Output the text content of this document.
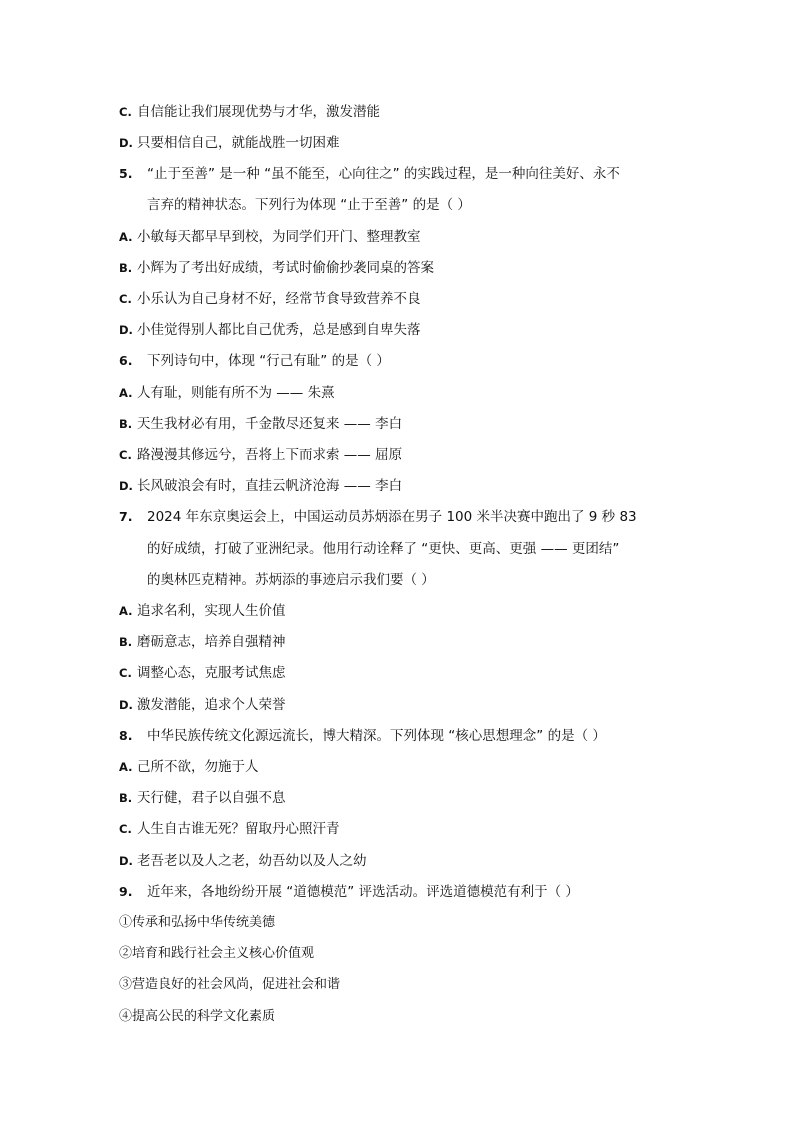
C. 自信能让我们展现优势与才华，激发潜能
D. 只要相信自己，就能战胜一切困难
5. “止于至善” 是一种 “虽不能至，心向往之” 的实践过程，是一种向往美好、永不
言弃的精神状态。下列行为体现 “止于至善” 的是（ ）
A. 小敏每天都早早到校，为同学们开门、整理教室
B. 小辉为了考出好成绩，考试时偷偷抄袭同桌的答案
C. 小乐认为自己身材不好，经常节食导致营养不良
D. 小佳觉得别人都比自己优秀，总是感到自卑失落
6. 下列诗句中，体现 “行己有耻” 的是（ ）
A. 人有耻，则能有所不为 —— 朱熹
B. 天生我材必有用，千金散尽还复来 —— 李白
C. 路漫漫其修远兮，吾将上下而求索 —— 屈原
D. 长风破浪会有时，直挂云帆济沧海 —— 李白
7. 2024 年东京奥运会上，中国运动员苏炳添在男子 100 米半决赛中跑出了 9 秒 83
的好成绩，打破了亚洲纪录。他用行动诠释了 “更快、更高、更强 —— 更团结”
的奥林匹克精神。苏炳添的事迹启示我们要（ ）
A. 追求名利，实现人生价值
B. 磨砺意志，培养自强精神
C. 调整心态，克服考试焦虑
D. 激发潜能，追求个人荣誉
8. 中华民族传统文化源远流长，博大精深。下列体现 “核心思想理念” 的是（ ）
A. 己所不欲，勿施于人
B. 天行健，君子以自强不息
C. 人生自古谁无死？留取丹心照汗青
D. 老吾老以及人之老，幼吾幼以及人之幼
9. 近年来，各地纷纷开展 “道德模范” 评选活动。评选道德模范有利于（ ）
①传承和弘扬中华传统美德
②培育和践行社会主义核心价值观
③营造良好的社会风尚，促进社会和谐
④提高公民的科学文化素质
